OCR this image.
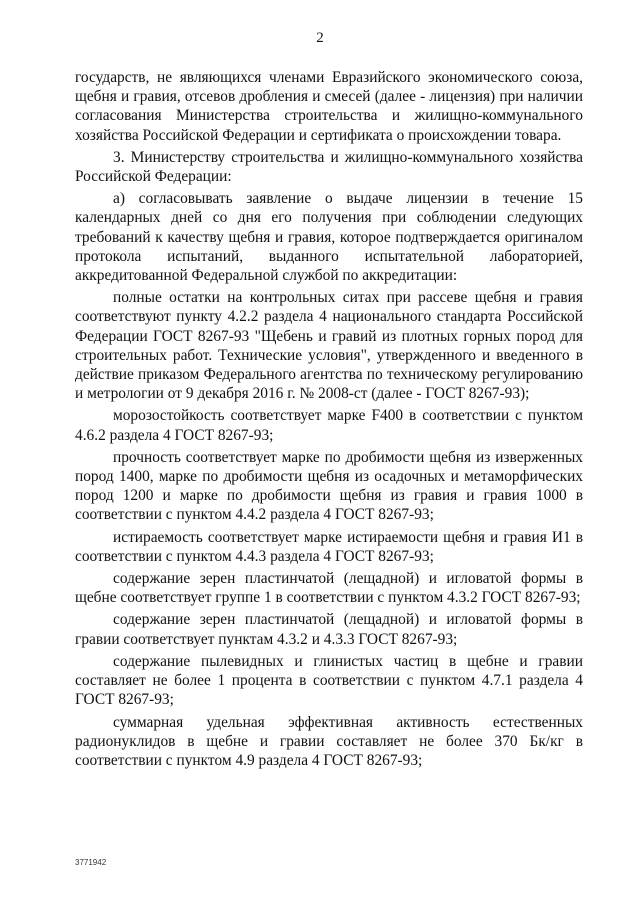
2

государств, не являющихся членами Евразийского экономического союза, щебня и гравия, отсевов дробления и смесей (далее - лицензия) при наличии согласования Министерства строительства и жилищно-коммунального хозяйства Российской Федерации и сертификата о происхождении товара.

3. Министерству строительства и жилищно-коммунального хозяйства Российской Федерации:

а) согласовывать заявление о выдаче лицензии в течение 15 календарных дней со дня его получения при соблюдении следующих требований к качеству щебня и гравия, которое подтверждается оригиналом протокола испытаний, выданного испытательной лабораторией, аккредитованной Федеральной службой по аккредитации:

полные остатки на контрольных ситах при рассеве щебня и гравия соответствуют пункту 4.2.2 раздела 4 национального стандарта Российской Федерации ГОСТ 8267-93 "Щебень и гравий из плотных горных пород для строительных работ. Технические условия", утвержденного и введенного в действие приказом Федерального агентства по техническому регулированию и метрологии от 9 декабря 2016 г. № 2008-ст (далее - ГОСТ 8267-93);

морозостойкость соответствует марке F400 в соответствии с пунктом 4.6.2 раздела 4 ГОСТ 8267-93;

прочность соответствует марке по дробимости щебня из изверженных пород 1400, марке по дробимости щебня из осадочных и метаморфических пород 1200 и марке по дробимости щебня из гравия и гравия 1000 в соответствии с пунктом 4.4.2 раздела 4 ГОСТ 8267-93;

истираемость соответствует марке истираемости щебня и гравия И1 в соответствии с пунктом 4.4.3 раздела 4 ГОСТ 8267-93;

содержание зерен пластинчатой (лещадной) и игловатой формы в щебне соответствует группе 1 в соответствии с пунктом 4.3.2 ГОСТ 8267-93;

содержание зерен пластинчатой (лещадной) и игловатой формы в гравии соответствует пунктам 4.3.2 и 4.3.3 ГОСТ 8267-93;

содержание пылевидных и глинистых частиц в щебне и гравии составляет не более 1 процента в соответствии с пунктом 4.7.1 раздела 4 ГОСТ 8267-93;

суммарная удельная эффективная активность естественных радионуклидов в щебне и гравии составляет не более 370 Бк/кг в соответствии с пунктом 4.9 раздела 4 ГОСТ 8267-93;

3771942
